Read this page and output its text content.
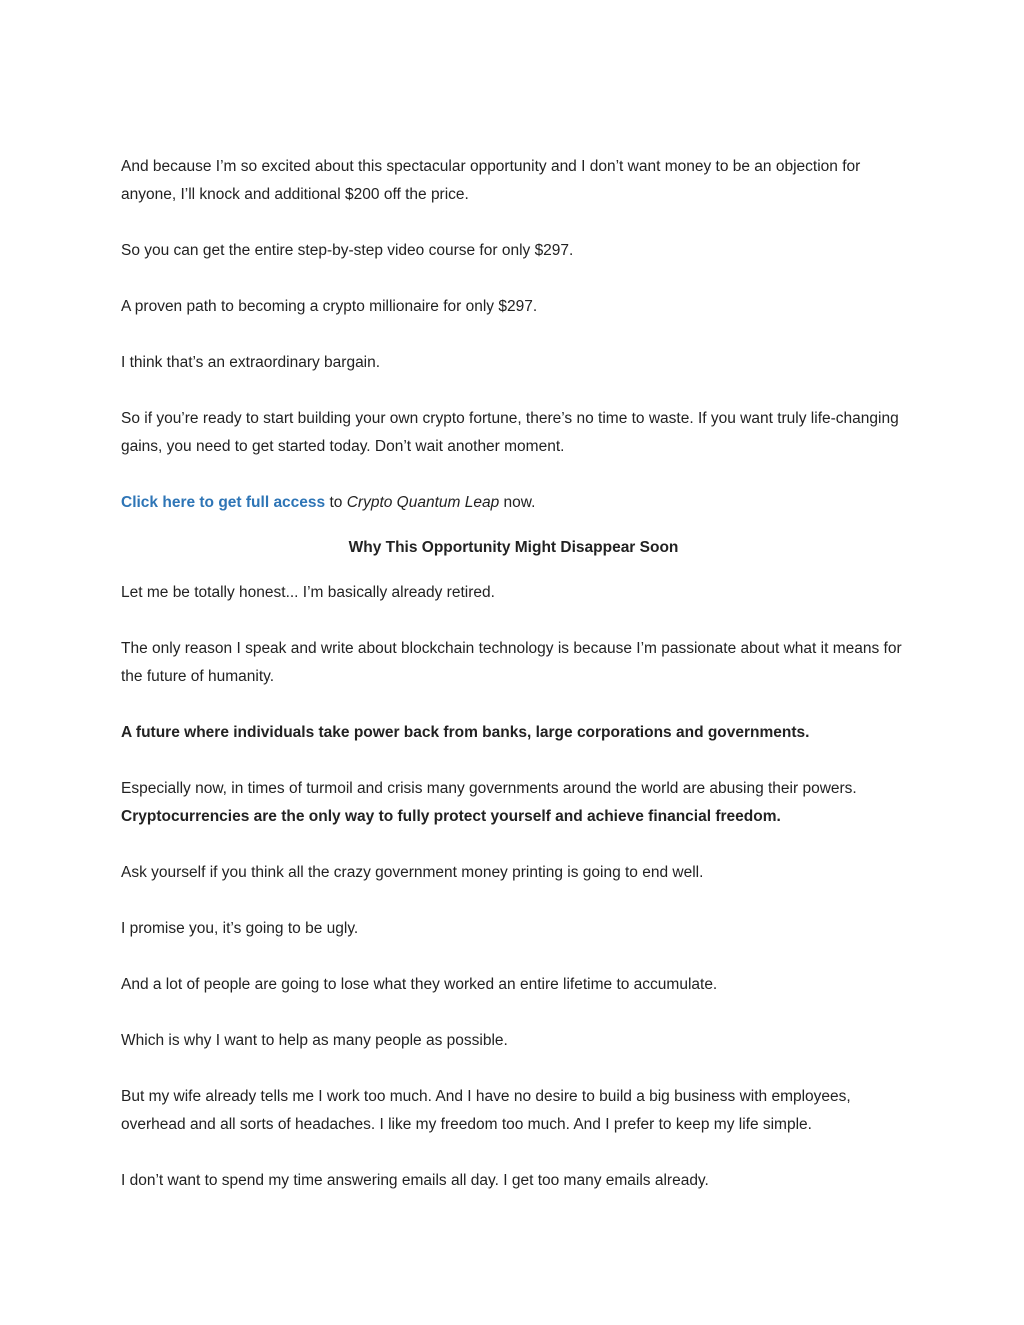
And because I’m so excited about this spectacular opportunity and I don’t want money to be an objection for anyone, I’ll knock and additional $200 off the price.

So you can get the entire step-by-step video course for only $297.

A proven path to becoming a crypto millionaire for only $297.

I think that’s an extraordinary bargain.

So if you’re ready to start building your own crypto fortune, there’s no time to waste. If you want truly life-changing gains, you need to get started today. Don’t wait another moment.

Click here to get full access to Crypto Quantum Leap now.

Why This Opportunity Might Disappear Soon

Let me be totally honest... I’m basically already retired.

The only reason I speak and write about blockchain technology is because I’m passionate about what it means for the future of humanity.

A future where individuals take power back from banks, large corporations and governments.

Especially now, in times of turmoil and crisis many governments around the world are abusing their powers. Cryptocurrencies are the only way to fully protect yourself and achieve financial freedom.

Ask yourself if you think all the crazy government money printing is going to end well.

I promise you, it’s going to be ugly.

And a lot of people are going to lose what they worked an entire lifetime to accumulate.

Which is why I want to help as many people as possible.

But my wife already tells me I work too much. And I have no desire to build a big business with employees, overhead and all sorts of headaches. I like my freedom too much. And I prefer to keep my life simple.

I don’t want to spend my time answering emails all day. I get too many emails already.
